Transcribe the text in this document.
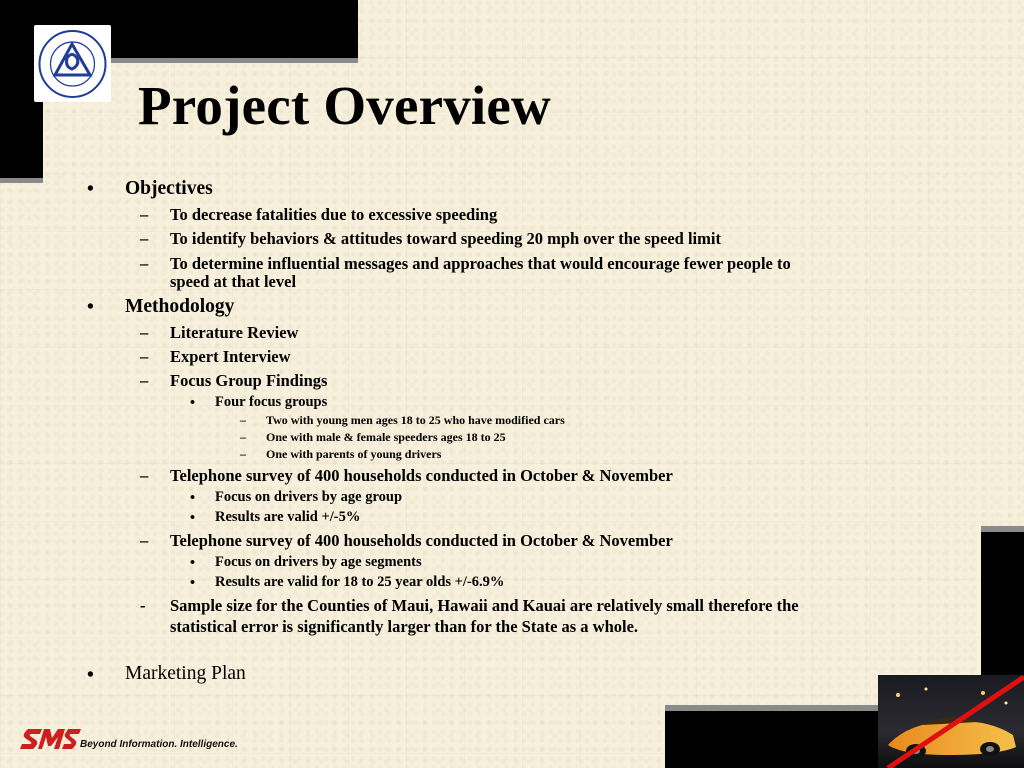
Project Overview
• Objectives
– To decrease fatalities due to excessive speeding
– To identify behaviors & attitudes toward speeding 20 mph over the speed limit
– To determine influential messages and approaches that would encourage fewer people to
speed at that level
• Methodology
– Literature Review
– Expert Interview
– Focus Group Findings
• Four focus groups
– Two with young men ages 18 to 25 who have modified cars
– One with male & female speeders ages 18 to 25
– One with parents of young drivers
– Telephone survey of 400 households conducted in October & November
• Focus on drivers by age group
• Results are valid +/-5%
– Telephone survey of 400 households conducted in October & November
• Focus on drivers by age segments
• Results are valid for 18 to 25 year olds +/-6.9%
- Sample size for the Counties of Maui, Hawaii and Kauai are relatively small therefore the
statistical error is significantly larger than for the State as a whole.
• Marketing Plan
Beyond Information. Intelligence.
